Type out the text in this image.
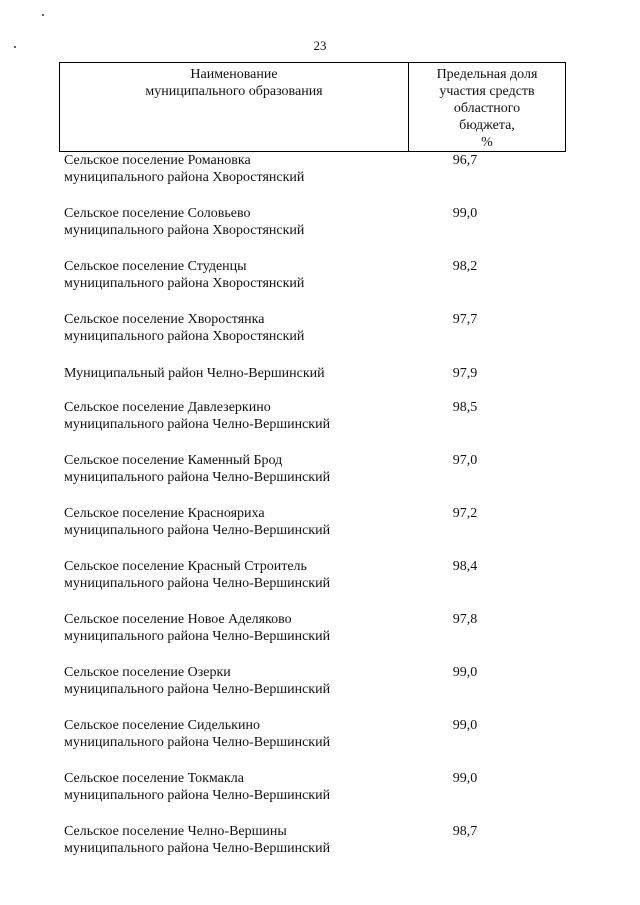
23
Наименование
муниципального образования
Предельная доля
участия средств
областного
бюджета,
%
Сельское поселение Романовка
муниципального района Хворостянский
96,7
Сельское поселение Соловьево
муниципального района Хворостянский
99,0
Сельское поселение Студенцы
муниципального района Хворостянский
98,2
Сельское поселение Хворостянка
муниципального района Хворостянский
97,7
Муниципальный район Челно-Вершинский	97,9
Сельское поселение Давлезеркино
муниципального района Челно-Вершинский
98,5
Сельское поселение Каменный Брод
муниципального района Челно-Вершинский
97,0
Сельское поселение Краснояриха
муниципального района Челно-Вершинский
97,2
Сельское поселение Красный Строитель
муниципального района Челно-Вершинский
98,4
Сельское поселение Новое Аделяково
муниципального района Челно-Вершинский
97,8
Сельское поселение Озерки
муниципального района Челно-Вершинский
99,0
Сельское поселение Сиделькино
муниципального района Челно-Вершинский
99,0
Сельское поселение Токмакла
муниципального района Челно-Вершинский
99,0
Сельское поселение Челно-Вершины
муниципального района Челно-Вершинский
98,7
